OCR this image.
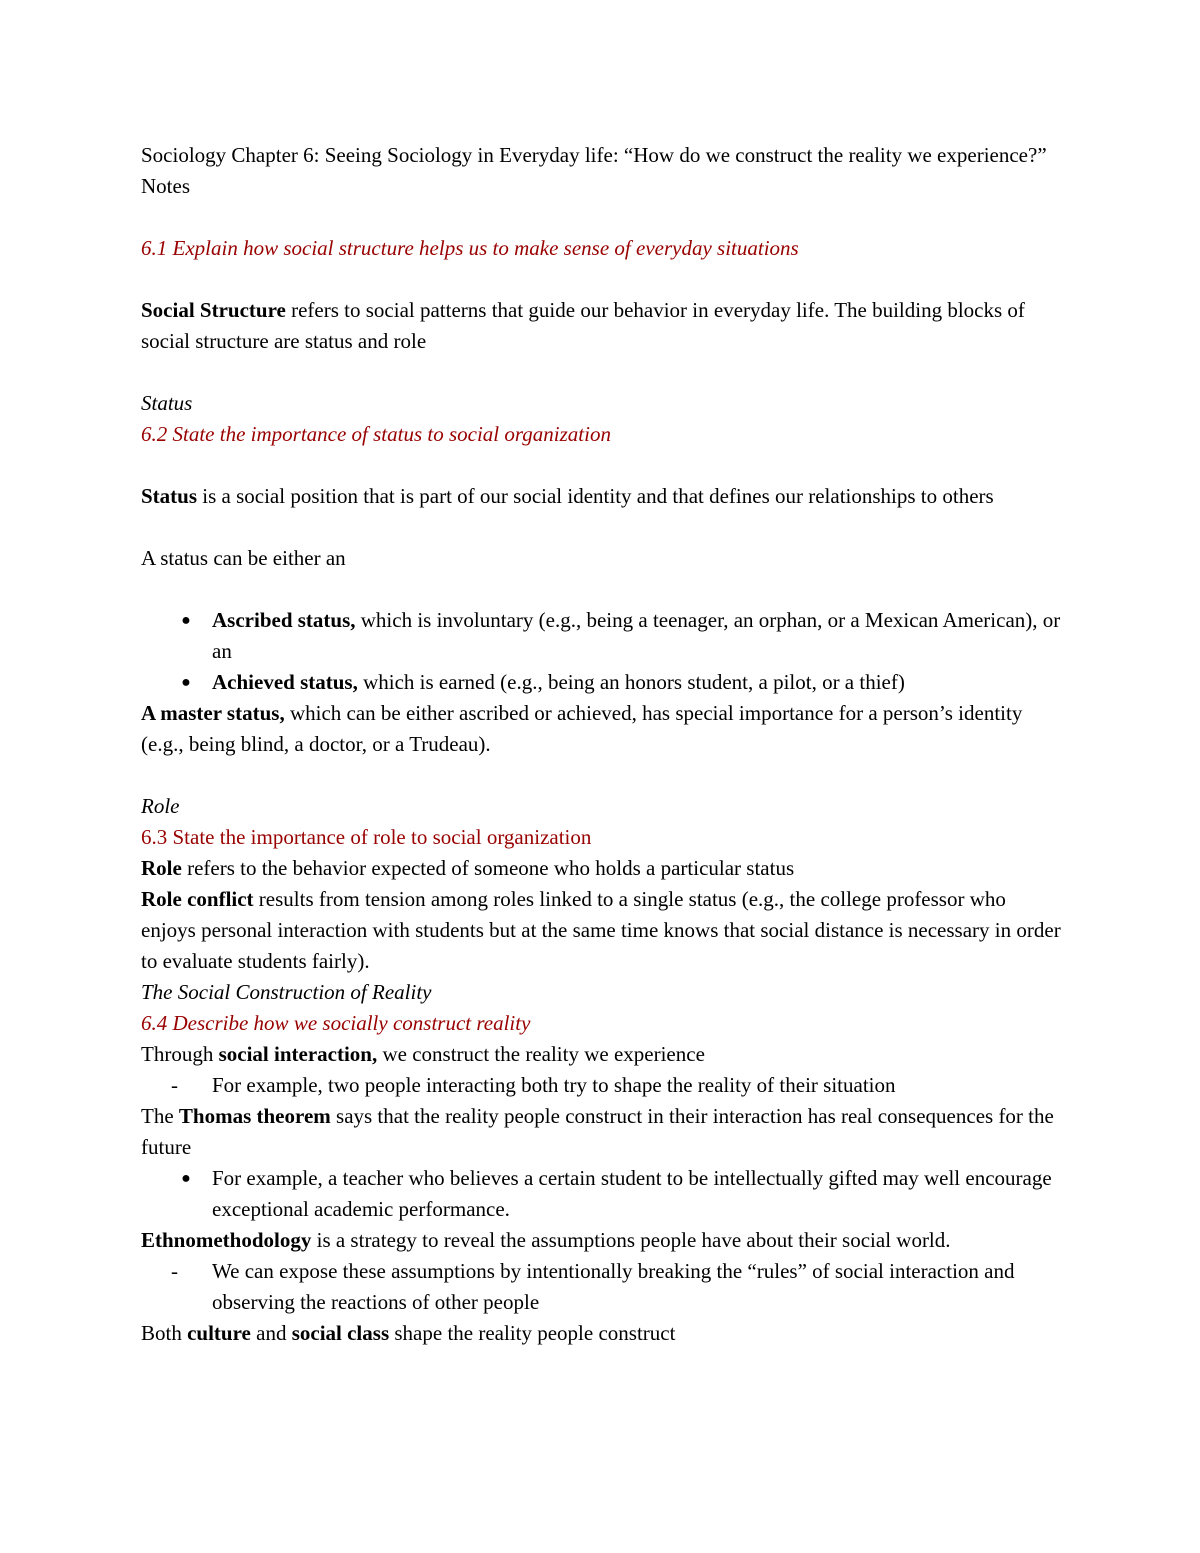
Sociology Chapter 6: Seeing Sociology in Everyday life: “How do we construct the reality we experience?” Notes

6.1 Explain how social structure helps us to make sense of everyday situations

Social Structure refers to social patterns that guide our behavior in everyday life. The building blocks of social structure are status and role

Status

6.2 State the importance of status to social organization

Status is a social position that is part of our social identity and that defines our relationships to others

A status can be either an

●	Ascribed status, which is involuntary (e.g., being a teenager, an orphan, or a Mexican American), or an

●	Achieved status, which is earned (e.g., being an honors student, a pilot, or a thief)

A master status, which can be either ascribed or achieved, has special importance for a person’s identity (e.g., being blind, a doctor, or a Trudeau).

Role

6.3 State the importance of role to social organization

Role refers to the behavior expected of someone who holds a particular status

Role conflict results from tension among roles linked to a single status (e.g., the college professor who enjoys personal interaction with students but at the same time knows that social distance is necessary in order to evaluate students fairly).

The Social Construction of Reality

6.4 Describe how we socially construct reality

Through social interaction, we construct the reality we experience

-	For example, two people interacting both try to shape the reality of their situation

The Thomas theorem says that the reality people construct in their interaction has real consequences for the future

●	For example, a teacher who believes a certain student to be intellectually gifted may well encourage exceptional academic performance.

Ethnomethodology is a strategy to reveal the assumptions people have about their social world.

-	We can expose these assumptions by intentionally breaking the “rules” of social interaction and observing the reactions of other people

Both culture and social class shape the reality people construct
